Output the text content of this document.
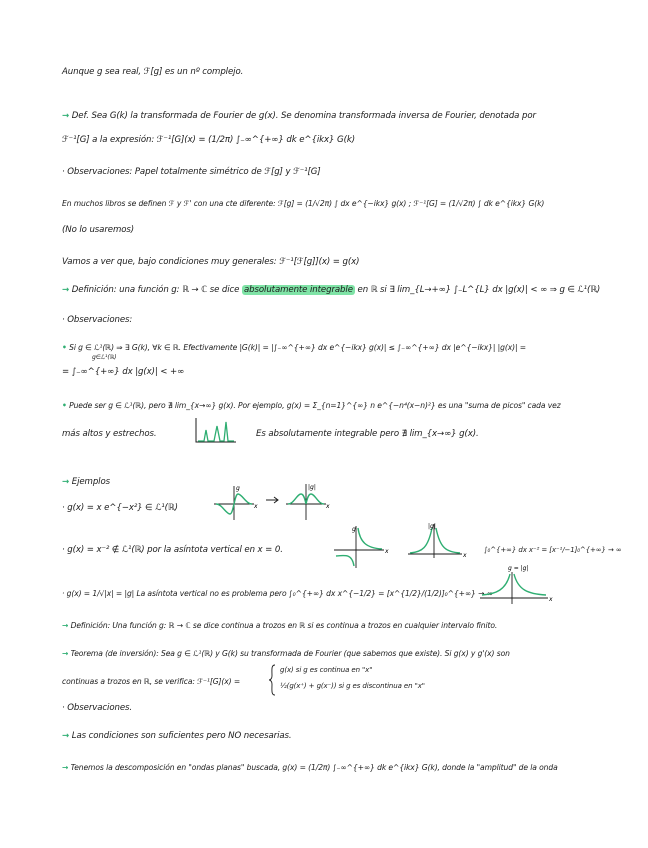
Aunque g sea real, ℱ[g] es un nº complejo.
→ Def. Sea G(k) la transformada de Fourier de g(x). Se denomina transformada inversa de Fourier, denotada por
ℱ⁻¹[G] a la expresión: ℱ⁻¹[G](x) = (1/2π) ∫₋∞^{+∞} dk e^{ikx} G(k)
· Observaciones: Papel totalmente simétrico de ℱ[g] y ℱ⁻¹[G]
En muchos libros se definen ℱ y ℱ' con una cte diferente: ℱ[g] = (1/√2π) ∫ dx e^{−ikx} g(x) ; ℱ⁻¹[G] = (1/√2π) ∫ dk e^{ikx} G(k)
(No lo usaremos)
Vamos a ver que, bajo condiciones muy generales: ℱ⁻¹[ℱ[g]](x) = g(x)
→ Definición: una función g: ℝ → ℂ se dice absolutamente integrable en ℝ si ∃ lim_{L→+∞} ∫₋L^{L} dx |g(x)| < ∞ ⇒ g ∈ ℒ¹(ℝ)
· Observaciones:
• Si g ∈ ℒ¹(ℝ) ⇒ ∃ G(k), ∀k ∈ ℝ. Efectivamente |G(k)| = |∫₋∞^{+∞} dx e^{−ikx} g(x)| ≤ ∫₋∞^{+∞} dx |e^{−ikx}| |g(x)| =
g∈ℒ¹(ℝ)
= ∫₋∞^{+∞} dx |g(x)| < +∞
• Puede ser g ∈ ℒ¹(ℝ), pero ∄ lim_{x→∞} g(x). Por ejemplo, g(x) = Σ_{n=1}^{∞} n e^{−n⁴(x−n)²} es una "suma de picos" cada vez
más altos y estrechos.	Es absolutamente integrable pero ∄ lim_{x→∞} g(x).
→ Ejemplos
· g(x) = x e^{−x²} ∈ ℒ¹(ℝ)
g
x
|g|
x
· g(x) = x⁻² ∉ ℒ¹(ℝ) por la asíntota vertical en x = 0.
g
x
|g|
x
∫₀^{+∞} dx x⁻² = [x⁻¹/−1]₀^{+∞} → ∞
· g(x) = 1/√|x| = |g| La asíntota vertical no es problema pero ∫₀^{+∞} dx x^{−1/2} = [x^{1/2}/(1/2)]₀^{+∞} → ∞
g = |g|
x
→ Definición: Una función g: ℝ → ℂ se dice continua a trozos en ℝ si es continua a trozos en cualquier intervalo finito.
→ Teorema (de inversión): Sea g ∈ ℒ¹(ℝ) y G(k) su transformada de Fourier (que sabemos que existe). Si g(x) y g'(x) son
continuas a trozos en ℝ, se verifica: ℱ⁻¹[G](x) =
g(x) si g es continua en "x"
½(g(x⁺) + g(x⁻)) si g es discontinua en "x"
· Observaciones.
→ Las condiciones son suficientes pero NO necesarias.
→ Tenemos la descomposición en "ondas planas" buscada, g(x) = (1/2π) ∫₋∞^{+∞} dk e^{ikx} G(k), donde la "amplitud" de la onda
